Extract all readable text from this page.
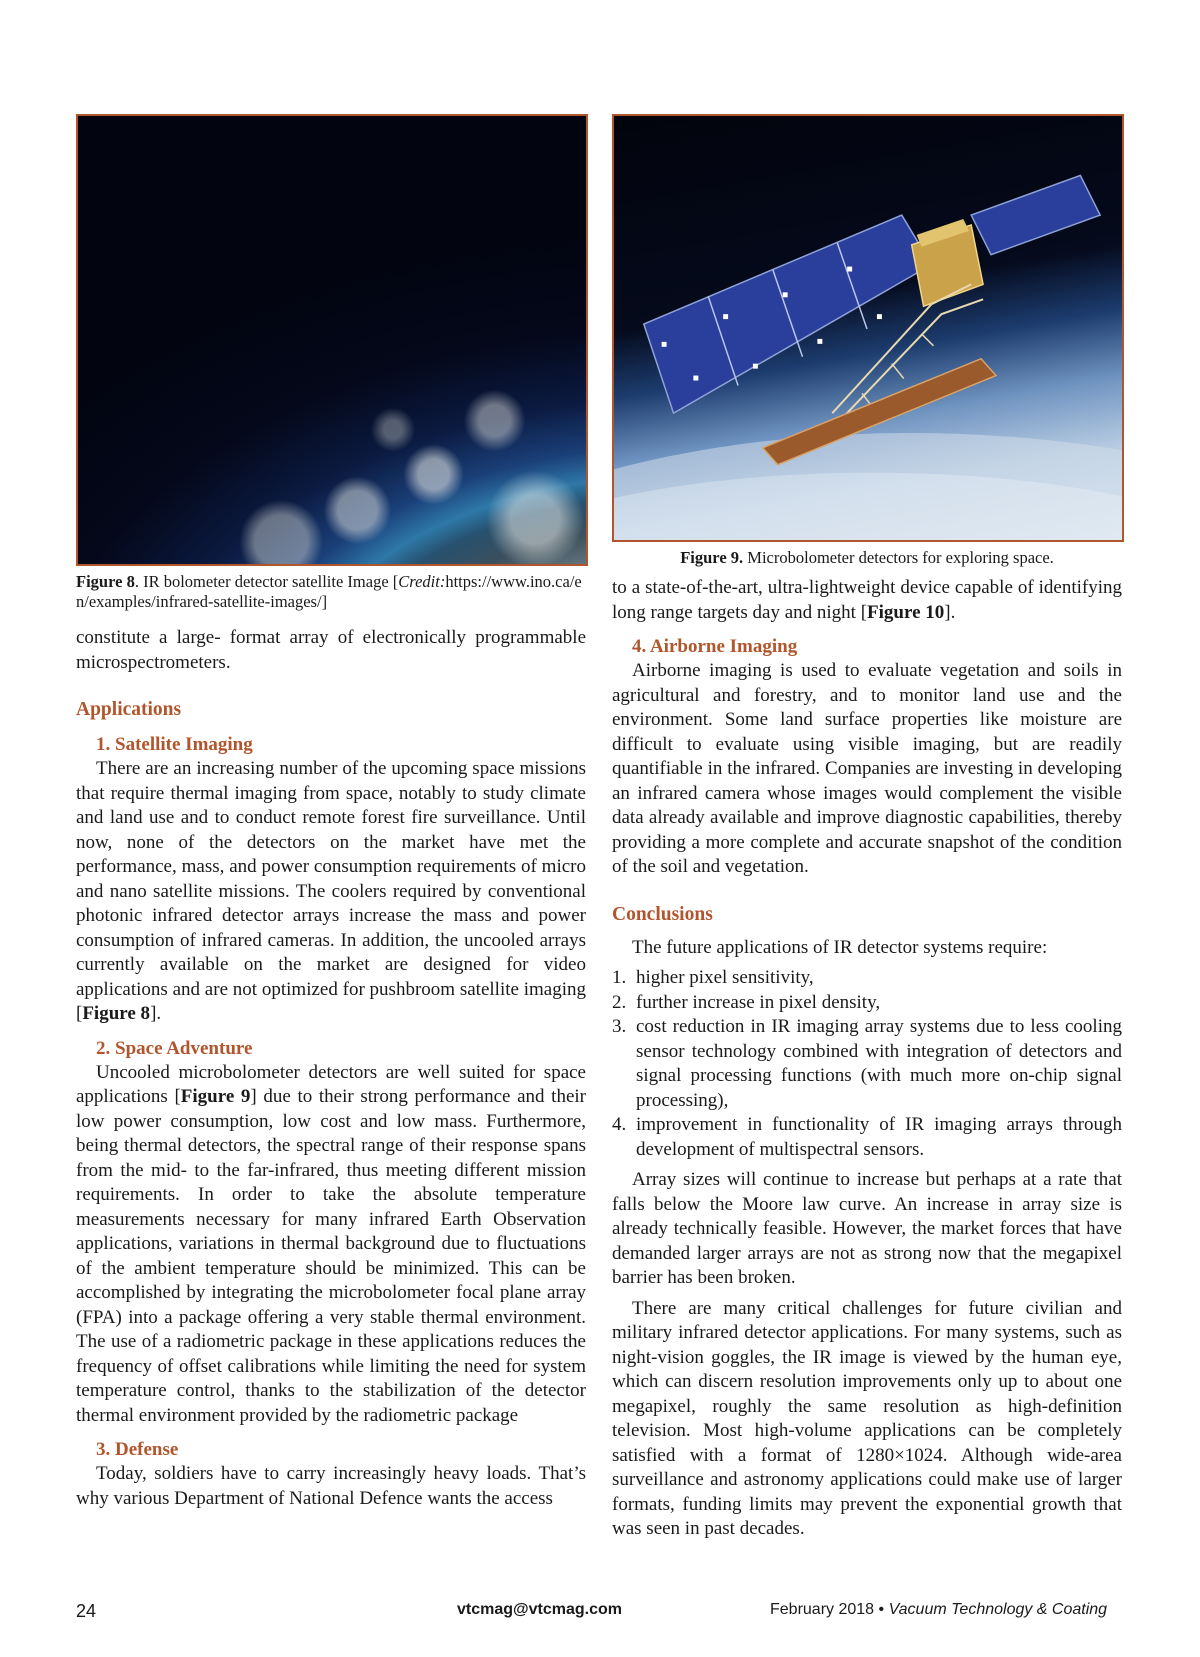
Figure 8. IR bolometer detector satellite Image [Credit:https://www.ino.ca/en/examples/infrared-satellite-images/]

constitute a large- format array of electronically programmable microspectrometers.

Applications
1. Satellite Imaging

There are an increasing number of the upcoming space missions that require thermal imaging from space, notably to study climate and land use and to conduct remote forest fire surveillance. Until now, none of the detectors on the market have met the performance, mass, and power consumption requirements of micro and nano satellite missions. The coolers required by conventional photonic infrared detector arrays increase the mass and power consumption of infrared cameras. In addition, the uncooled arrays currently available on the market are designed for video applications and are not optimized for pushbroom satellite imaging [Figure 8].

2. Space Adventure

Uncooled microbolometer detectors are well suited for space applications [Figure 9] due to their strong performance and their low power consumption, low cost and low mass. Furthermore, being thermal detectors, the spectral range of their response spans from the mid- to the far-infrared, thus meeting different mission requirements. In order to take the absolute temperature measurements necessary for many infrared Earth Observation applications, variations in thermal background due to fluctuations of the ambient temperature should be minimized. This can be accomplished by integrating the microbolometer focal plane array (FPA) into a package offering a very stable thermal environment. The use of a radiometric package in these applications reduces the frequency of offset calibrations while limiting the need for system temperature control, thanks to the stabilization of the detector thermal environment provided by the radiometric package

3. Defense

Today, soldiers have to carry increasingly heavy loads. That’s why various Department of National Defence wants the access

Figure 9. Microbolometer detectors for exploring space.

to a state-of-the-art, ultra-lightweight device capable of identifying long range targets day and night [Figure 10].

4. Airborne Imaging

Airborne imaging is used to evaluate vegetation and soils in agricultural and forestry, and to monitor land use and the environment. Some land surface properties like moisture are difficult to evaluate using visible imaging, but are readily quantifiable in the infrared. Companies are investing in developing an infrared camera whose images would complement the visible data already available and improve diagnostic capabilities, thereby providing a more complete and accurate snapshot of the condition of the soil and vegetation.

Conclusions

The future applications of IR detector systems require:

1. higher pixel sensitivity,
2. further increase in pixel density,
3. cost reduction in IR imaging array systems due to less cooling sensor technology combined with integration of detectors and signal processing functions (with much more on-chip signal processing),
4. improvement in functionality of IR imaging arrays through development of multispectral sensors.

Array sizes will continue to increase but perhaps at a rate that falls below the Moore law curve. An increase in array size is already technically feasible. However, the market forces that have demanded larger arrays are not as strong now that the megapixel barrier has been broken.

There are many critical challenges for future civilian and military infrared detector applications. For many systems, such as night-vision goggles, the IR image is viewed by the human eye, which can discern resolution improvements only up to about one megapixel, roughly the same resolution as high-definition television. Most high-volume applications can be completely satisfied with a format of 1280×1024. Although wide-area surveillance and astronomy applications could make use of larger formats, funding limits may prevent the exponential growth that was seen in past decades.

24	vtcmag@vtcmag.com	February 2018 • Vacuum Technology & Coating
